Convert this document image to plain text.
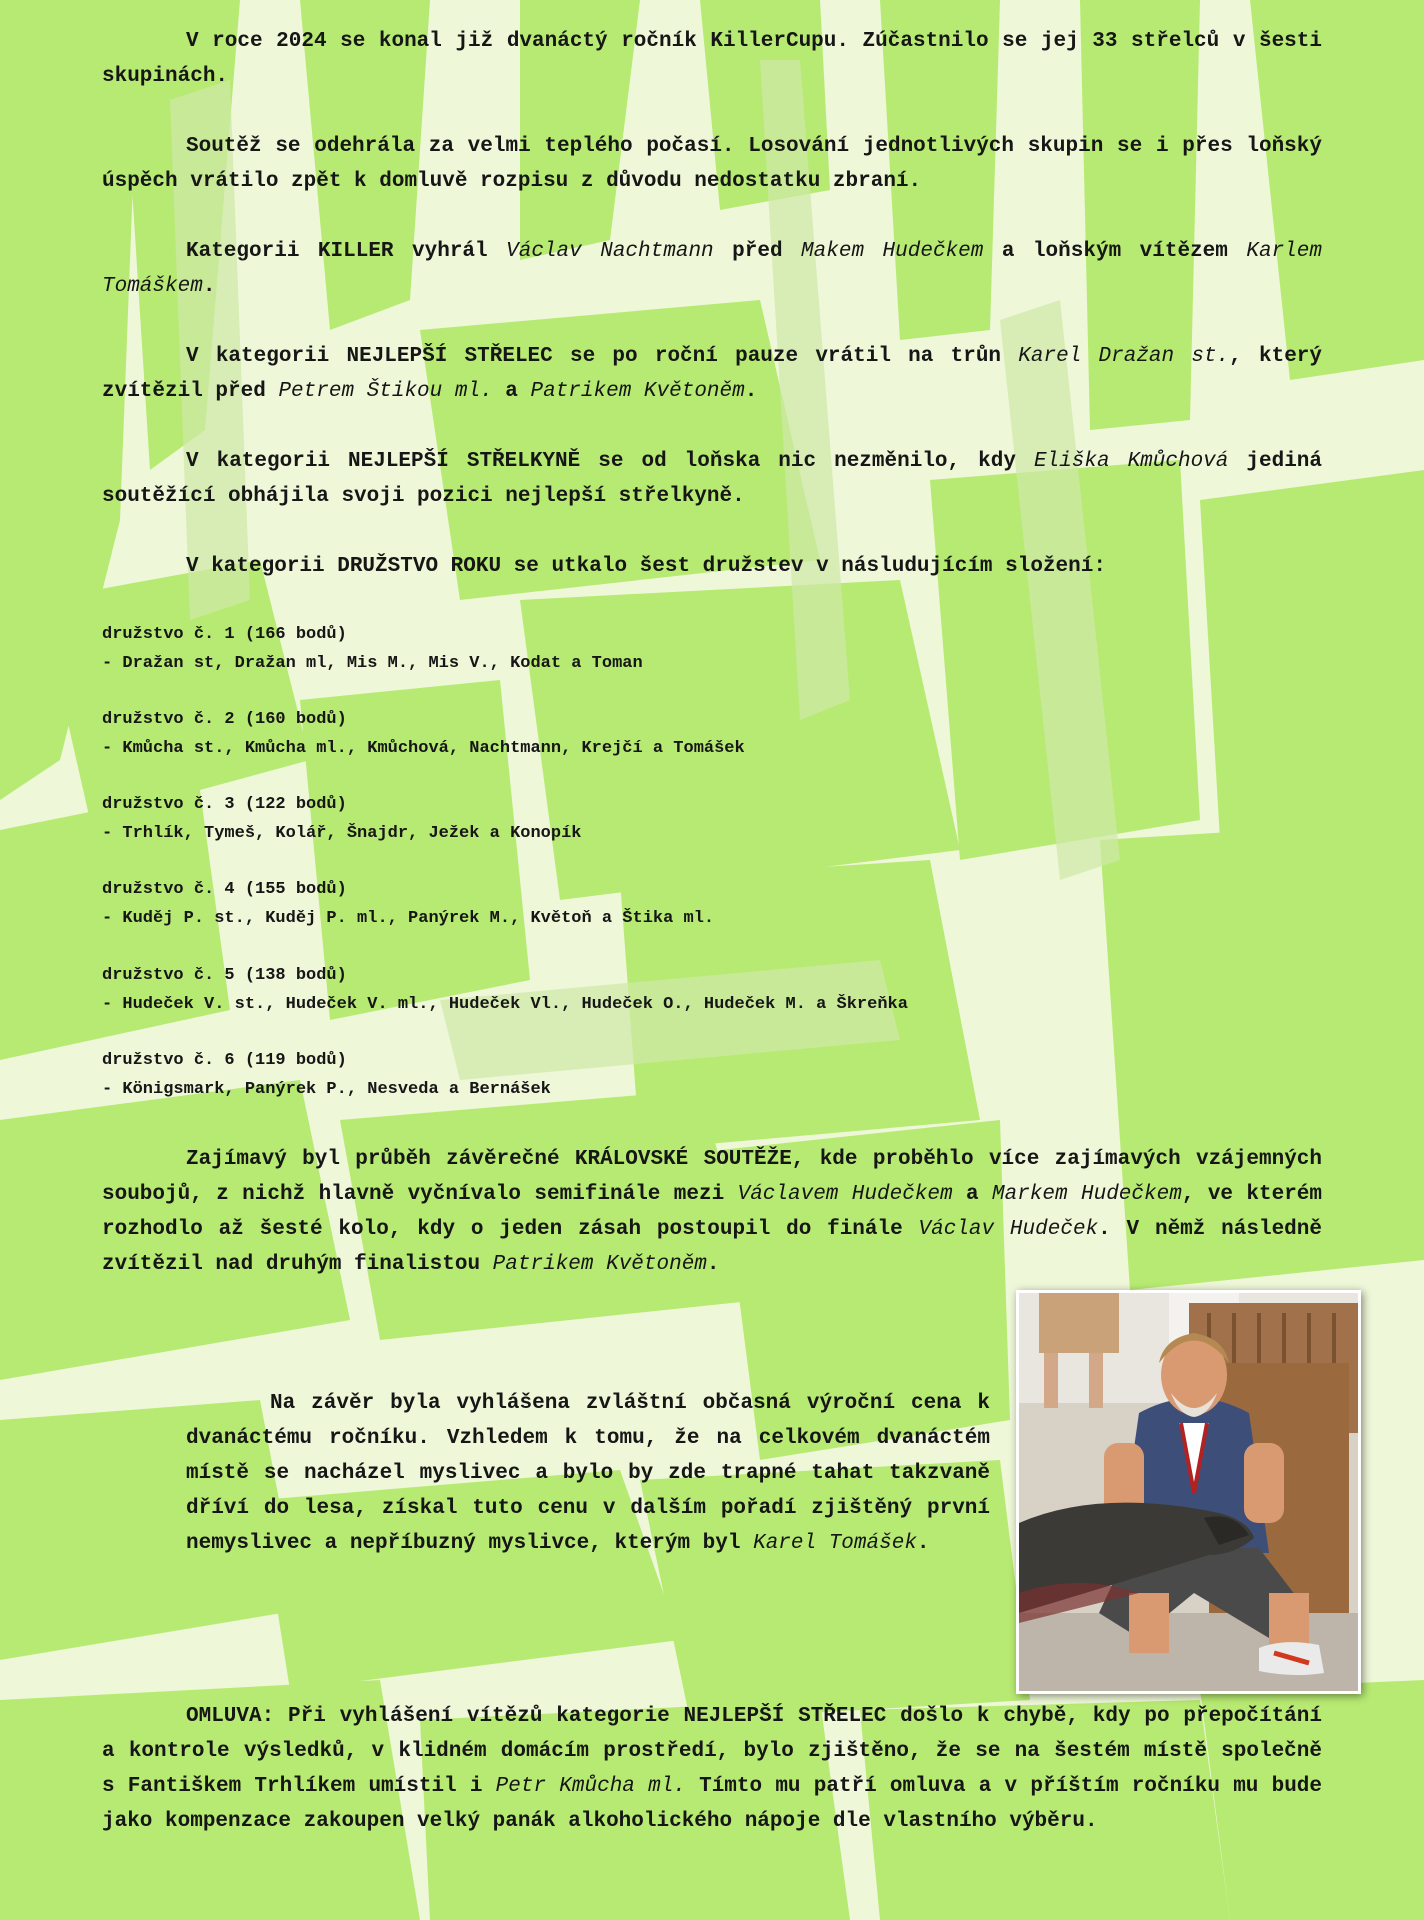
V roce 2024 se konal již dvanáctý ročník KillerCupu. Zúčastnilo se jej 33 střelců v šesti skupinách.

Soutěž se odehrála za velmi teplého počasí. Losování jednotlivých skupin se i přes loňský úspěch vrátilo zpět k domluvě rozpisu z důvodu nedostatku zbraní.

Kategorii KILLER vyhrál Václav Nachtmann před Makem Hudečkem a loňským vítězem Karlem Tomáškem.

V kategorii NEJLEPŠÍ STŘELEC se po roční pauze vrátil na trůn Karel Dražan st., který zvítězil před Petrem Štikou ml. a Patrikem Květoněm.

V kategorii NEJLEPŠÍ STŘELKYNĚ se od loňska nic nezměnilo, kdy Eliška Kmůchová jediná soutěžící obhájila svoji pozici nejlepší střelkyně.

V kategorii DRUŽSTVO ROKU se utkalo šest družstev v násludujícím složení:

družstvo č. 1 (166 bodů)
- Dražan st, Dražan ml, Mis M., Mis V., Kodat a Toman
družstvo č. 2 (160 bodů)
- Kmůcha st., Kmůcha ml., Kmůchová, Nachtmann, Krejčí a Tomášek
družstvo č. 3 (122 bodů)
- Trhlík, Tymeš, Kolář, Šnajdr, Ježek a Konopík
družstvo č. 4 (155 bodů)
- Kuděj P. st., Kuděj P. ml., Panýrek M., Květoň a Štika ml.
družstvo č. 5 (138 bodů)
- Hudeček V. st., Hudeček V. ml., Hudeček Vl., Hudeček O., Hudeček M. a Škreňka
družstvo č. 6 (119 bodů)
- Königsmark, Panýrek P., Nesveda a Bernášek

Zajímavý byl průběh závěrečné KRÁLOVSKÉ SOUTĚŽE, kde proběhlo více zajímavých vzájemných soubojů, z nichž hlavně vyčnívalo semifinále mezi Václavem Hudečkem a Markem Hudečkem, ve kterém rozhodlo až šesté kolo, kdy o jeden zásah postoupil do finále Václav Hudeček. V němž následně zvítězil nad druhým finalistou Patrikem Květoněm.

Na závěr byla vyhlášena zvláštní občasná výroční cena k dvanáctému ročníku. Vzhledem k tomu, že na celkovém dvanáctém místě se nacházel myslivec a bylo by zde trapné tahat takzvaně dříví do lesa, získal tuto cenu v dalším pořadí zjištěný první nemyslivec a nepříbuzný myslivce, kterým byl Karel Tomášek.

OMLUVA: Při vyhlášení vítězů kategorie NEJLEPŠÍ STŘELEC došlo k chybě, kdy po přepočítání a kontrole výsledků, v klidném domácím prostředí, bylo zjištěno, že se na šestém místě společně s Fantiškem Trhlíkem umístil i Petr Kmůcha ml. Tímto mu patří omluva a v příštím ročníku mu bude jako kompenzace zakoupen velký panák alkoholického nápoje dle vlastního výběru.
